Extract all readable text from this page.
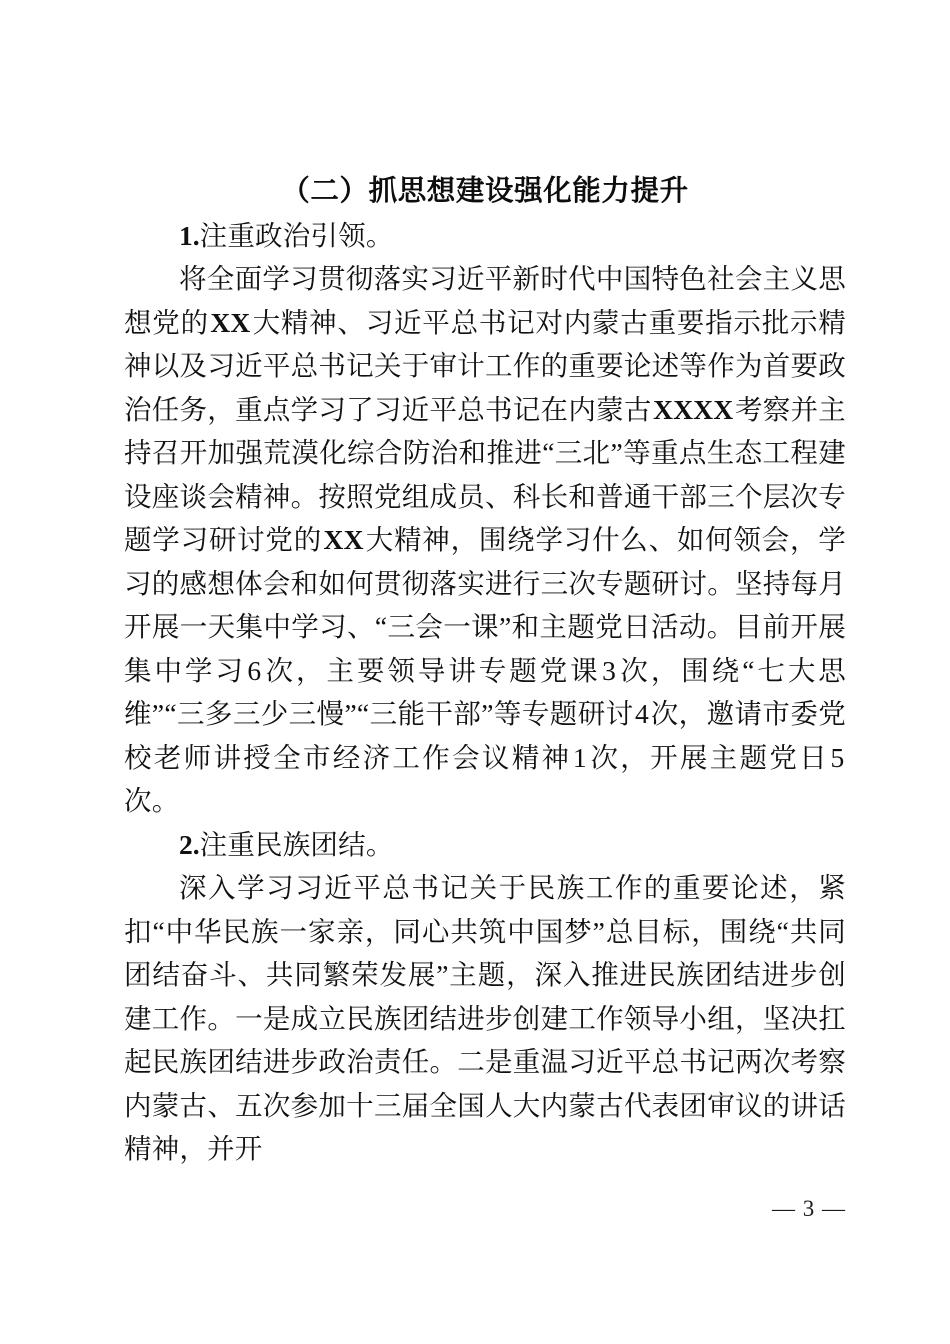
（二）抓思想建设强化能力提升

1.注重政治引领。

将全面学习贯彻落实习近平新时代中国特色社会主义思想党的XX大精神、习近平总书记对内蒙古重要指示批示精神以及习近平总书记关于审计工作的重要论述等作为首要政治任务，重点学习了习近平总书记在内蒙古XXXX考察并主持召开加强荒漠化综合防治和推进“三北”等重点生态工程建设座谈会精神。按照党组成员、科长和普通干部三个层次专题学习研讨党的XX大精神，围绕学习什么、如何领会，学习的感想体会和如何贯彻落实进行三次专题研讨。坚持每月开展一天集中学习、“三会一课”和主题党日活动。目前开展集中学习6次，主要领导讲专题党课3次，围绕“七大思维”“三多三少三慢”“三能干部”等专题研讨4次，邀请市委党校老师讲授全市经济工作会议精神1次，开展主题党日5次。

2.注重民族团结。

深入学习习近平总书记关于民族工作的重要论述，紧扣“中华民族一家亲，同心共筑中国梦”总目标，围绕“共同团结奋斗、共同繁荣发展”主题，深入推进民族团结进步创建工作。一是成立民族团结进步创建工作领导小组，坚决扛起民族团结进步政治责任。二是重温习近平总书记两次考察内蒙古、五次参加十三届全国人大内蒙古代表团审议的讲话精神，并开

— 3 —
